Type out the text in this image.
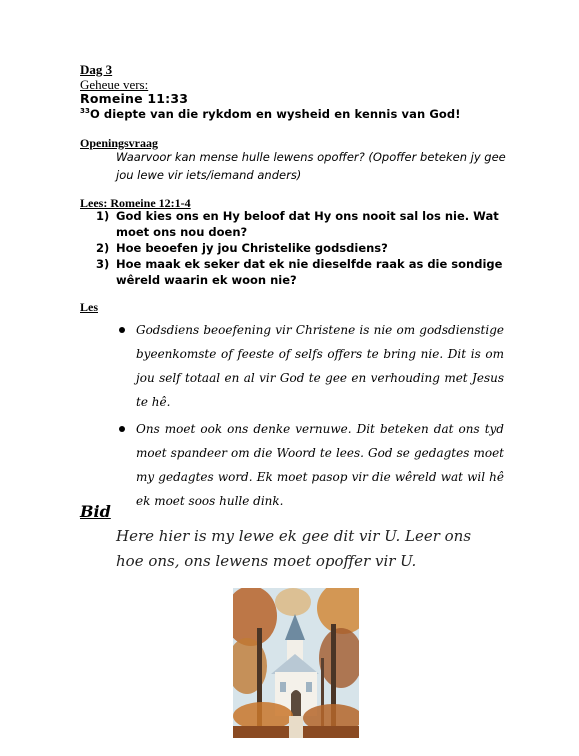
Dag 3
Geheue vers:
Romeine 11:33
$^{33}$O diepte van die rykdom en wysheid en kennis van God!
Openingsvraag
Waarvoor kan mense hulle lewens opoffer? (Opoffer beteken jy gee jou lewe vir iets/iemand anders)
Lees: Romeine 12:1-4
1) God kies ons en Hy beloof dat Hy ons nooit sal los nie. Wat moet ons nou doen?
2) Hoe beoefen jy jou Christelike godsdiens?
3) Hoe maak ek seker dat ek nie dieselfde raak as die sondige wêreld waarin ek woon nie?
Les
Godsdiens beoefening vir Christene is nie om godsdienstige byeenkomste of feeste of selfs offers te bring nie. Dit is om jou self totaal en al vir God te gee en verhouding met Jesus te hê.
Ons moet ook ons denke vernuwe. Dit beteken dat ons tyd moet spandeer om die Woord te lees. God se gedagtes moet my gedagtes word. Ek moet pasop vir die wêreld wat wil hê ek moet soos hulle dink.
Bid
Here hier is my lewe ek gee dit vir U. Leer ons hoe ons, ons lewens moet opoffer vir U.
